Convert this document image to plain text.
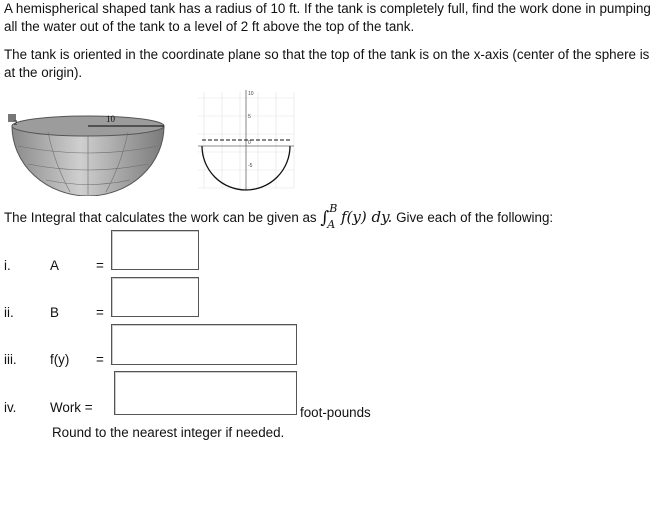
A hemispherical shaped tank has a radius of 10 ft. If the tank is completely full, find the work done in pumping all the water out of the tank to a level of 2 ft above the top of the tank.

The tank is oriented in the coordinate plane so that the top of the tank is on the x-axis (center of the sphere is at the origin).

10
2
10
5
0
-5
The Integral that calculates the work can be given as ∫ B
A f(y) dy. Give each of the following:
i.	A	=
ii.	B	=
iii. f(y) =
iv.	Work =	foot-pounds
Round to the nearest integer if needed.
